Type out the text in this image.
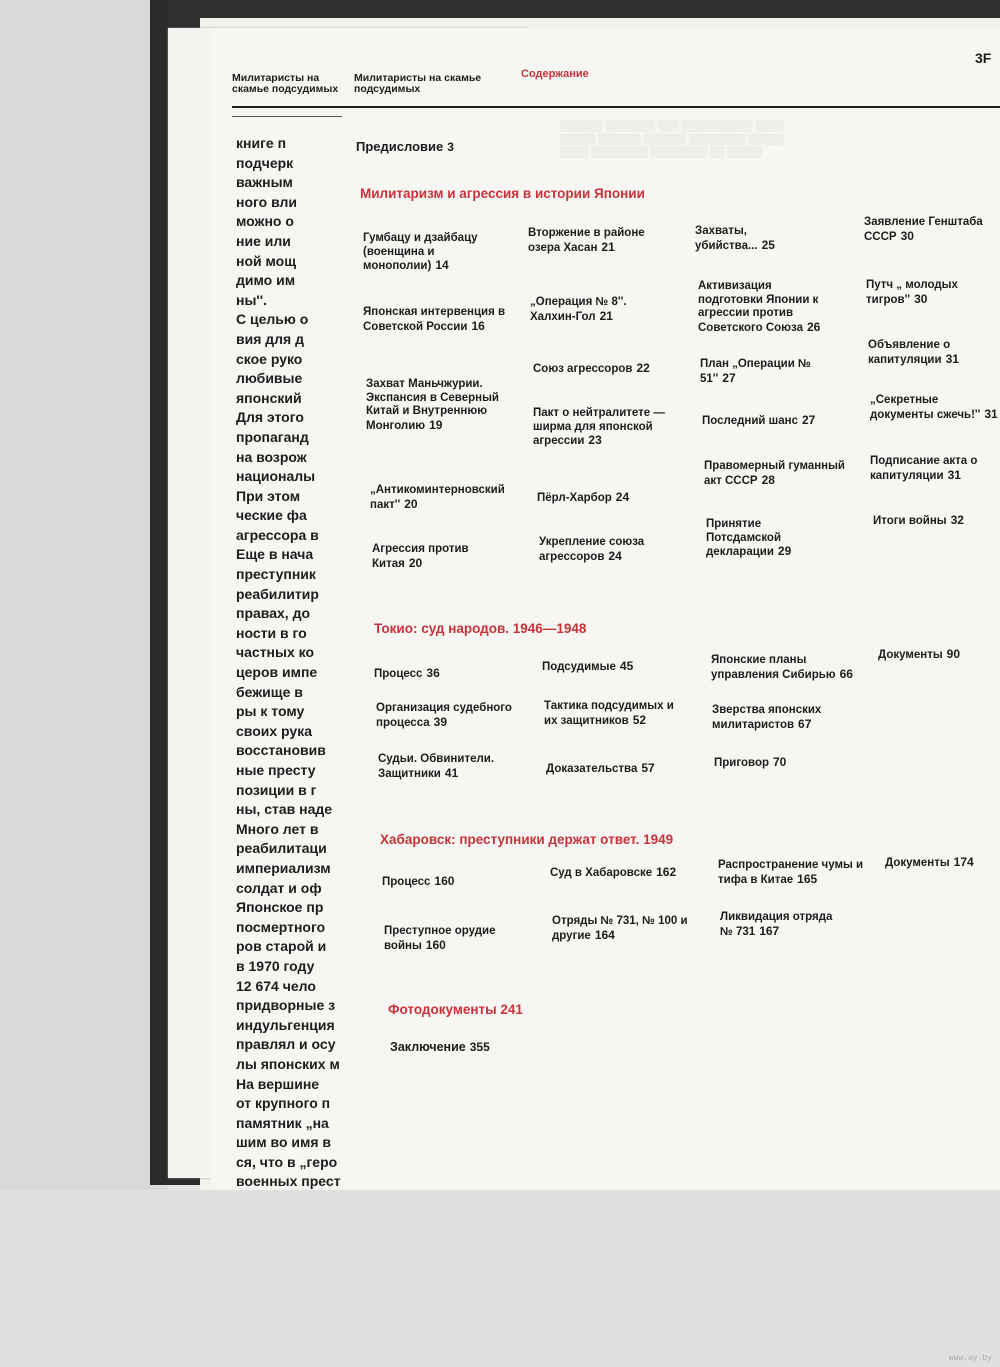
▒▒▒▒▒▒ ▒▒▒▒▒▒▒ ▒▒▒ ▒▒▒▒▒▒▒▒▒▒ ▒▒▒▒
▒▒▒▒▒ ▒▒▒▒▒▒ ▒▒▒▒▒▒ ▒▒▒▒▒▒▒▒ ▒▒▒▒▒
▒▒▒▒ ▒▒▒▒▒▒▒▒ ▒▒▒▒▒▒▒▒ ▒▒ ▒▒▒▒▒
Милитаристы на скамье подсудимых
Милитаристы на скамье подсудимых
Содержание
3F

книге п

подчерк

важным

ного вли

можно о

ние или

ной мощ

димо им

ны''.

С целью о

вия для д

ское руко

любивые

японский

Для этого

пропаганд

на возрож

националы

При этом

ческие фа

агрессора в

Еще в нача

преступник

реабилитир

правах, до

ности в го

частных ко

церов импе

бежище в

ры к тому

своих рука

восстановив

ные престу

позиции в г

ны, став наде

Много лет в

реабилитаци

империализм

солдат и оф

Японское пр

посмертного

ров старой и

в 1970 году

12 674 чело

придворные з

индульгенция

правлял и осу

лы японских м

На вершине

от крупного п

памятник „на

шим во имя в

ся, что в „геро

военных прест

Предисловие 3
Милитаризм и агрессия в истории Японии
Гумбацу и дзайбацу (военщина и монополии) 14
Японская интервенция в Советской России 16
Захват Маньчжурии. Экспансия в Северный Китай и Внутреннюю Монголию 19
„Антикоминтерновский пакт'' 20
Агрессия против Китая 20
Вторжение в районе озера Хасан 21
„Операция № 8''. Халхин-Гол 21
Союз агрессоров 22
Пакт о нейтралитете — ширма для японской агрессии 23
Пёрл-Харбор 24
Укрепление союза агрессоров 24
Захваты, убийства... 25
Активизация подготовки Японии к агрессии против Советского Союза 26
План „Операции № 51'' 27
Последний шанс 27
Правомерный гуманный акт СССР 28
Принятие Потсдамской декларации 29
Заявление Генштаба СССР 30
Путч „ молодых тигров'' 30
Объявление о капитуляции 31
„Секретные документы сжечь!'' 31
Подписание акта о капитуляции 31
Итоги войны 32
Токио: суд народов. 1946—1948
Процесс 36
Организация судебного процесса 39
Судьи. Обвинители. Защитники 41
Подсудимые 45
Тактика подсудимых и их защитников 52
Доказательства 57
Японские планы управления Сибирью 66
Зверства японских милитаристов 67
Приговор 70
Документы 90
Хабаровск: преступники держат ответ. 1949
Процесс 160
Преступное орудие войны 160
Суд в Хабаровске 162
Отряды № 731, № 100 и другие 164
Распространение чумы и тифа в Китае 165
Ликвидация отряда № 731 167
Документы 174
Фотодокументы 241
Заключение 355
www.ay.by
